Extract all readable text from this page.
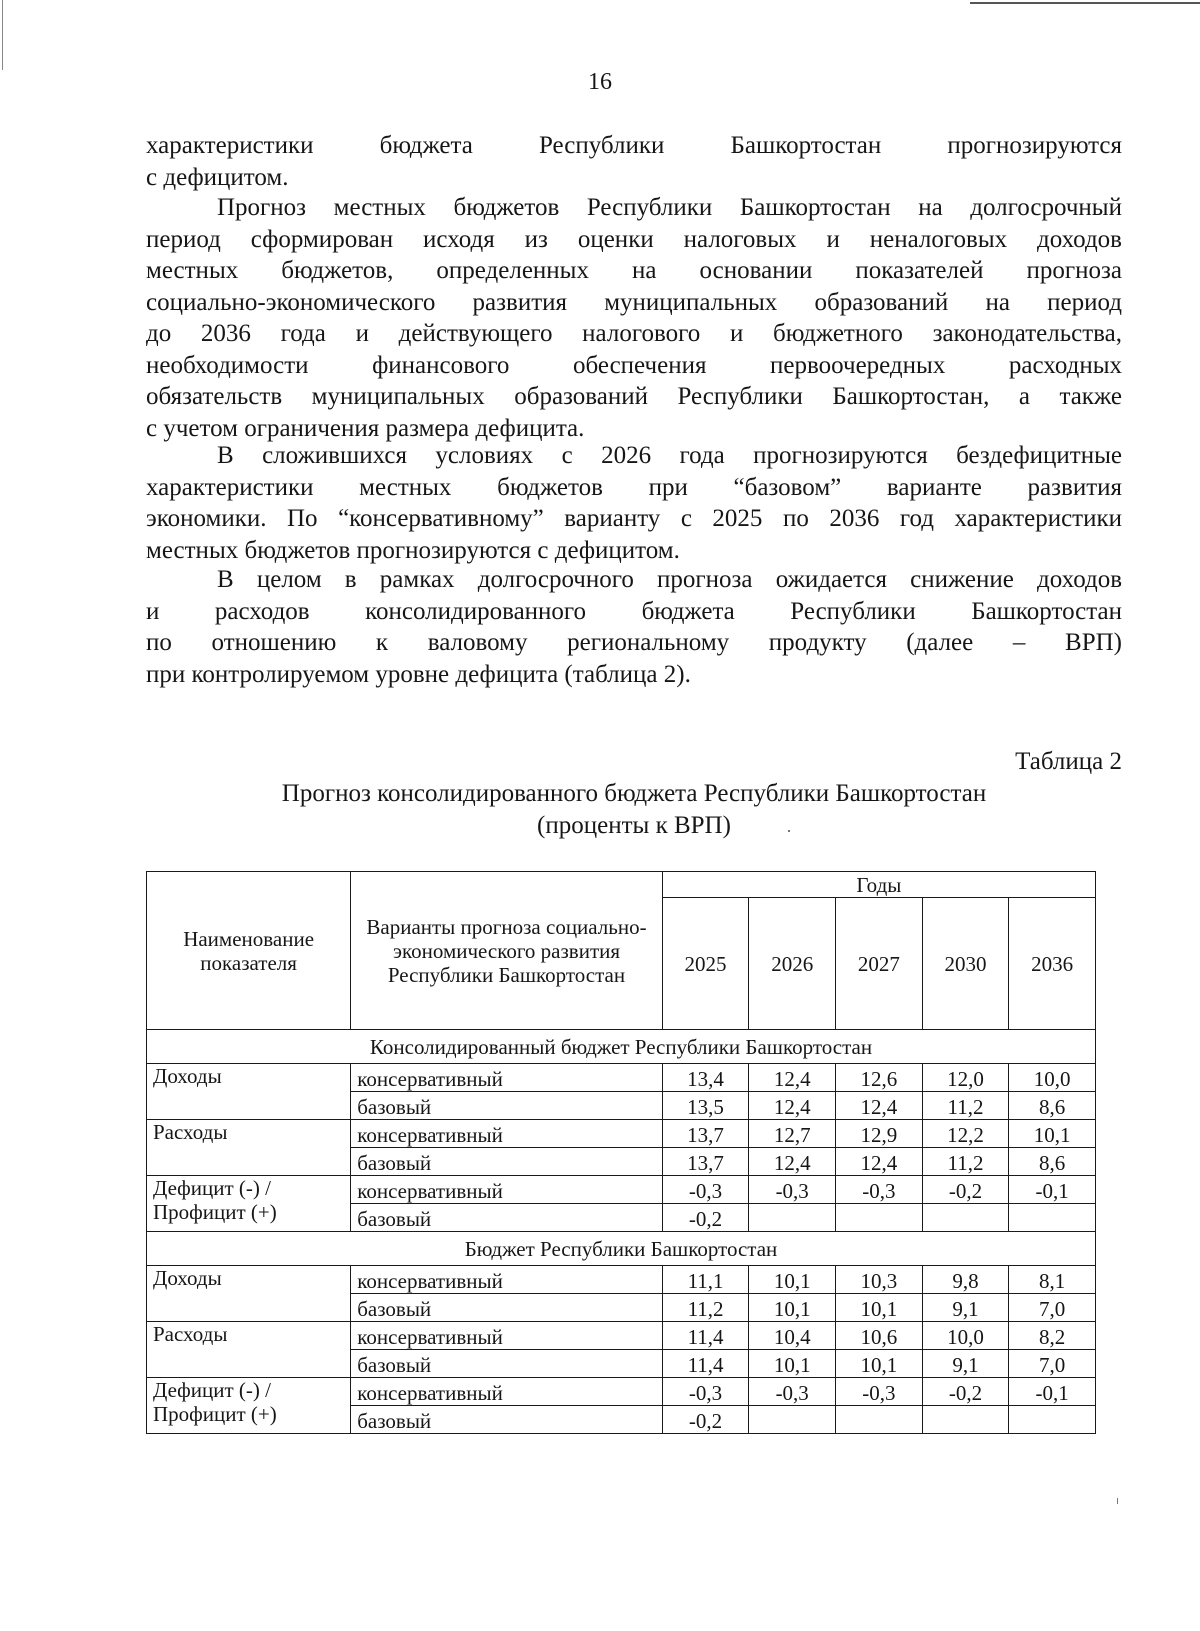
16
характеристики бюджета Республики Башкортостан прогнозируются
с дефицитом.
Прогноз местных бюджетов Республики Башкортостан на долгосрочный
период сформирован исходя из оценки налоговых и неналоговых доходов
местных бюджетов, определенных на основании показателей прогноза
социально-экономического развития муниципальных образований на период
до 2036 года и действующего налогового и бюджетного законодательства,
необходимости финансового обеспечения первоочередных расходных
обязательств муниципальных образований Республики Башкортостан, а также
с учетом ограничения размера дефицита.
В сложившихся условиях с 2026 года прогнозируются бездефицитные
характеристики местных бюджетов при “базовом” варианте развития
экономики. По “консервативному” варианту с 2025 по 2036 год характеристики
местных бюджетов прогнозируются с дефицитом.
В целом в рамках долгосрочного прогноза ожидается снижение доходов
и расходов консолидированного бюджета Республики Башкортостан
по отношению к валовому региональному продукту (далее – ВРП)
при контролируемом уровне дефицита (таблица 2).
Таблица 2
Прогноз консолидированного бюджета Республики Башкортостан
(проценты к ВРП)
Наименование показателя	Варианты прогноза социально-экономического развития Республики Башкортостан	Годы				
		2025	2026	2027	2030	2036
Консолидированный бюджет Республики Башкортостан						
Доходы	консервативный	13,4	12,4	12,6	12,0	10,0
	базовый	13,5	12,4	12,4	11,2	8,6
Расходы	консервативный	13,7	12,7	12,9	12,2	10,1
	базовый	13,7	12,4	12,4	11,2	8,6
Дефицит (-) / Профицит (+)	консервативный	-0,3	-0,3	-0,3	-0,2	-0,1
	базовый	-0,2				
Бюджет Республики Башкортостан						
Доходы	консервативный	11,1	10,1	10,3	9,8	8,1
	базовый	11,2	10,1	10,1	9,1	7,0
Расходы	консервативный	11,4	10,4	10,6	10,0	8,2
	базовый	11,4	10,1	10,1	9,1	7,0
Дефицит (-) / Профицит (+)	консервативный	-0,3	-0,3	-0,3	-0,2	-0,1
	базовый	-0,2				
